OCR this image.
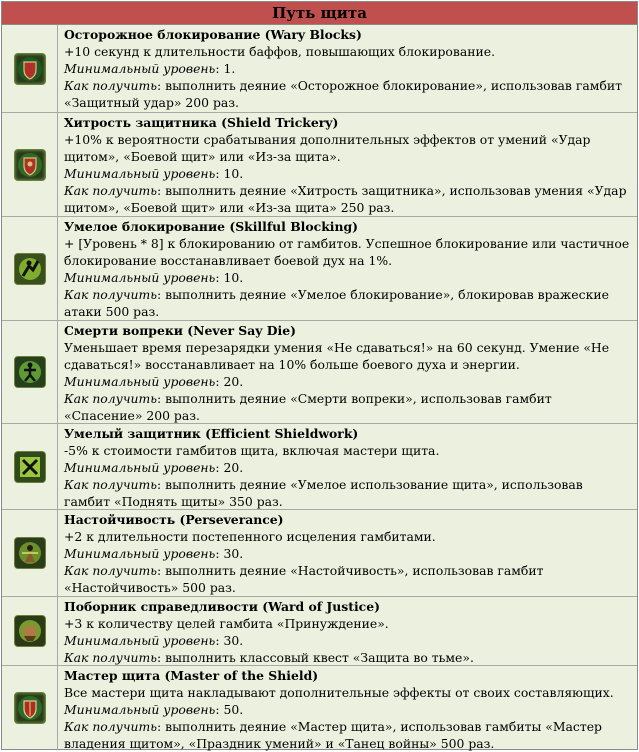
Путь щита
Осторожное блокирование (Wary Blocks)
+10 секунд к длительности баффов, повышающих блокирование.
Минимальный уровень: 1.
Как получить: выполнить деяние «Осторожное блокирование», использовав гамбит «Защитный удар» 200 раз.
Хитрость защитника (Shield Trickery)
+10% к вероятности срабатывания дополнительных эффектов от умений «Удар щитом», «Боевой щит» или «Из-за щита».
Минимальный уровень: 10.
Как получить: выполнить деяние «Хитрость защитника», использовав умения «Удар щитом», «Боевой щит» или «Из-за щита» 250 раз.
Умелое блокирование (Skillful Blocking)
+ [Уровень * 8] к блокированию от гамбитов. Успешное блокирование или частичное блокирование восстанавливает боевой дух на 1%.
Минимальный уровень: 10.
Как получить: выполнить деяние «Умелое блокирование», блокировав вражеские атаки 500 раз.
Смерти вопреки (Never Say Die)
Уменьшает время перезарядки умения «Не сдаваться!» на 60 секунд. Умение «Не сдаваться!» восстанавливает на 10% больше боевого духа и энергии.
Минимальный уровень: 20.
Как получить: выполнить деяние «Смерти вопреки», использовав гамбит «Спасение» 200 раз.
Умелый защитник (Efficient Shieldwork)
-5% к стоимости гамбитов щита, включая мастери щита.
Минимальный уровень: 20.
Как получить: выполнить деяние «Умелое использование щита», использовав гамбит «Поднять щиты» 350 раз.
Настойчивость (Perseverance)
+2 к длительности постепенного исцеления гамбитами.
Минимальный уровень: 30.
Как получить: выполнить деяние «Настойчивость», использовав гамбит «Настойчивость» 500 раз.
Поборник справедливости (Ward of Justice)
+3 к количеству целей гамбита «Принуждение».
Минимальный уровень: 30.
Как получить: выполнить классовый квест «Защита во тьме».
Мастер щита (Master of the Shield)
Все мастери щита накладывают дополнительные эффекты от своих составляющих.
Минимальный уровень: 50.
Как получить: выполнить деяние «Мастер щита», использовав гамбиты «Мастер владения щитом», «Праздник умений» и «Танец войны» 500 раз.
